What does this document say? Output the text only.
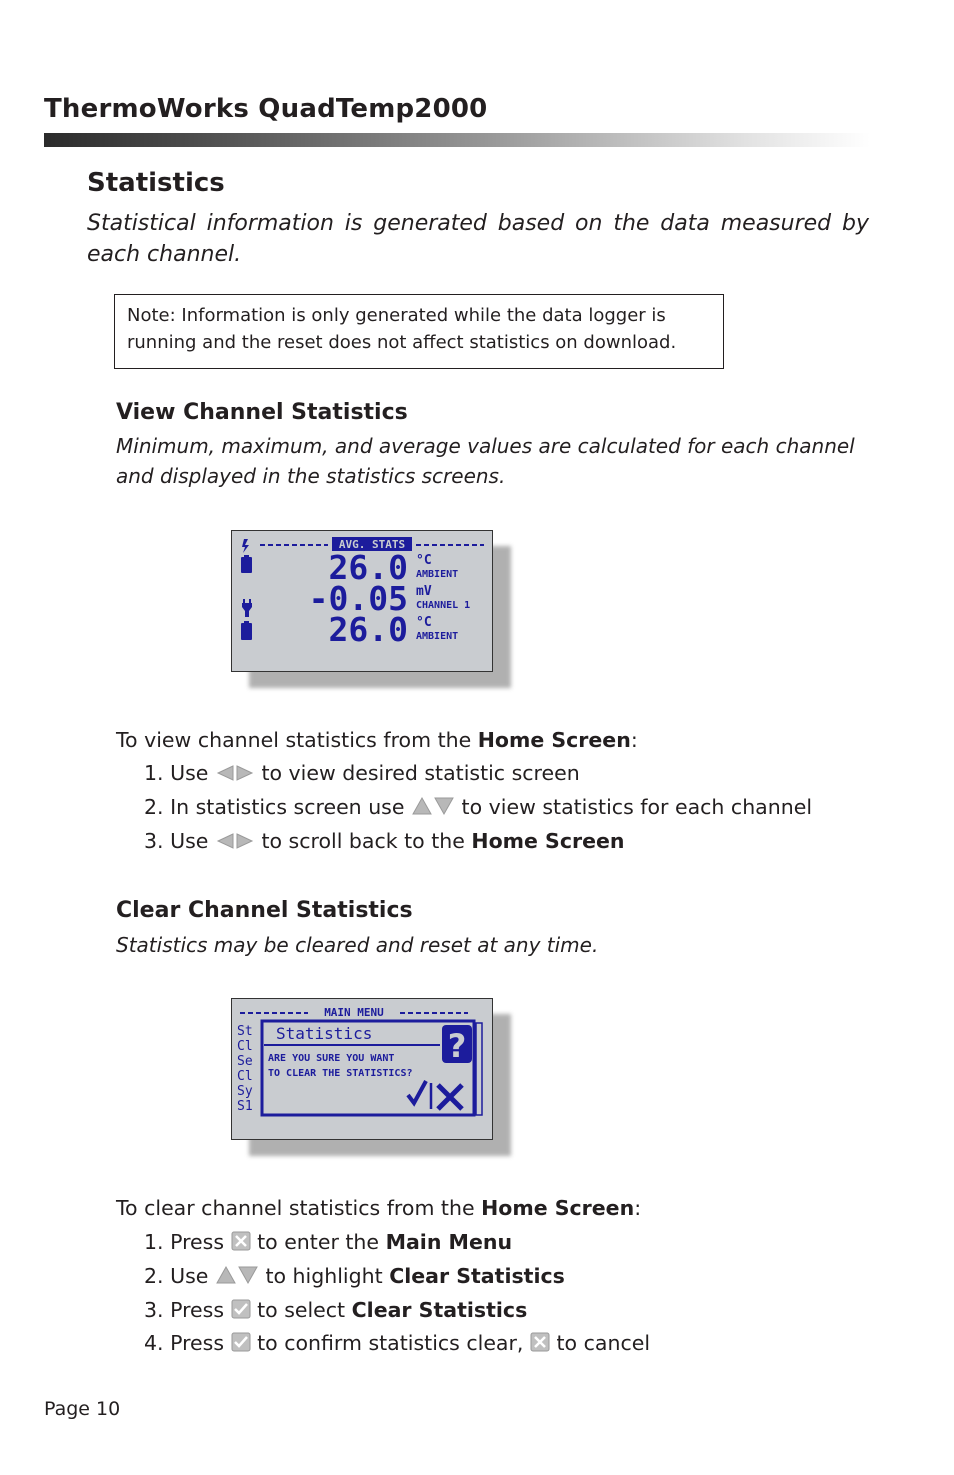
ThermoWorks QuadTemp2000
Statistics
Statistical information is generated based on the data measured by each channel.
Note: Information is only generated while the data logger is
running and the reset does not affect statistics on download.
View Channel Statistics
Minimum, maximum, and average values are calculated for each channel
and displayed in the statistics screens.
AVG. STATS
26.0 °C
AMBIENT
-0.05 mV
CHANNEL 1
26.0 °C
AMBIENT
To view channel statistics from the Home Screen:
1. Use	to view desired statistic screen
2. In statistics screen use	to view statistics for each channel
3. Use	to scroll back to the Home Screen
Clear Channel Statistics
Statistics may be cleared and reset at any time.
MAIN MENU
St
Cl
Se
Cl
Sy
S1
Statistics ?
ARE YOU SURE YOU WANT
TO CLEAR THE STATISTICS?
To clear channel statistics from the Home Screen:
1. Press to enter the Main Menu
2. Use	to highlight Clear Statistics
3. Press to select Clear Statistics
4. Press to confirm statistics clear, to cancel
Page 10
